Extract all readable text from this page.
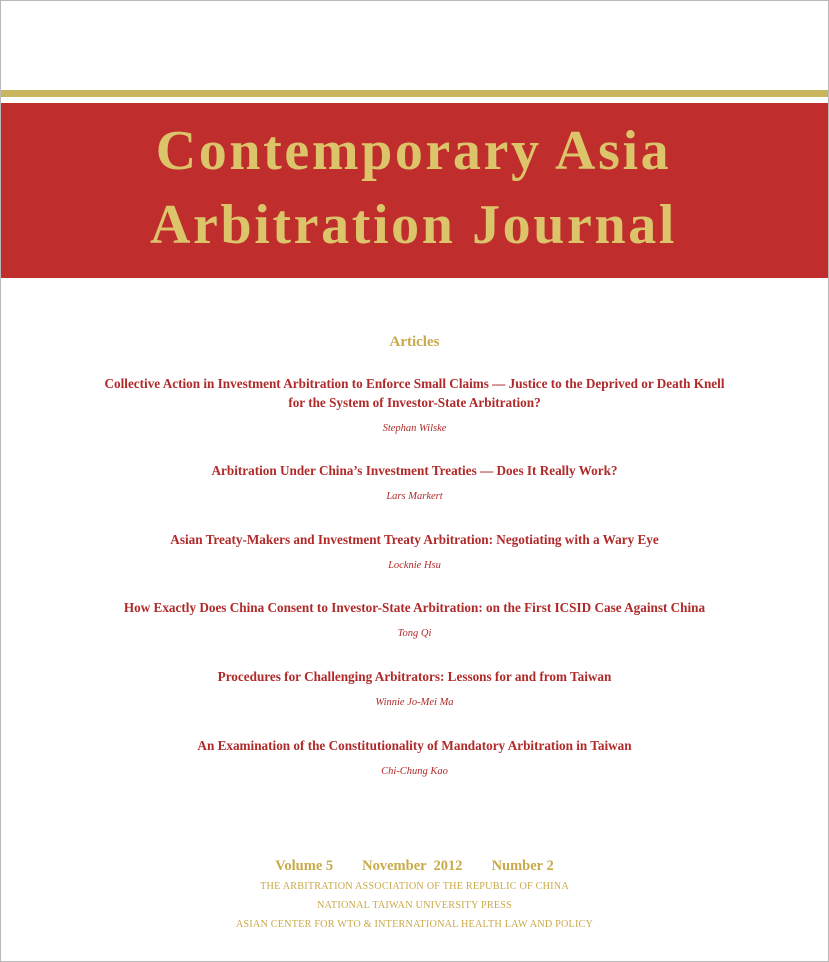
Contemporary Asia
Arbitration Journal
Articles

Collective Action in Investment Arbitration to Enforce Small Claims — Justice to the Deprived or Death Knell
for the System of Investor-State Arbitration?

Stephan Wilske

Arbitration Under China’s Investment Treaties — Does It Really Work?

Lars Markert

Asian Treaty-Makers and Investment Treaty Arbitration: Negotiating with a Wary Eye

Locknie Hsu

How Exactly Does China Consent to Investor-State Arbitration: on the First ICSID Case Against China

Tong Qi

Procedures for Challenging Arbitrators: Lessons for and from Taiwan

Winnie Jo-Mei Ma

An Examination of the Constitutionality of Mandatory Arbitration in Taiwan

Chi-Chung Kao
Volume 5 November  2012 Number 2
THE ARBITRATION ASSOCIATION OF THE REPUBLIC OF CHINA
NATIONAL TAIWAN UNIVERSITY PRESS
ASIAN CENTER FOR WTO & INTERNATIONAL HEALTH LAW AND POLICY
